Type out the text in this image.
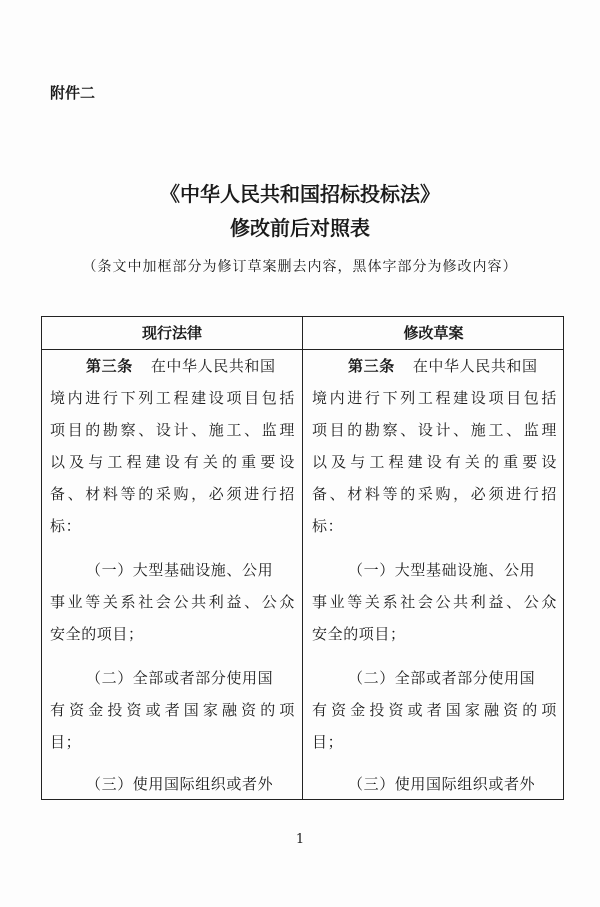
附件二
《中华人民共和国招标投标法》
修改前后对照表
（条文中加框部分为修订草案删去内容，黑体字部分为修改内容）
现行法律	修改草案
第三条 在中华人民共和国
境内进行下列工程建设项目包括
项目的勘察、设计、施工、监理
以及与工程建设有关的重要设
备、材料等的采购，必须进行招
标：
（一）大型基础设施、公用
事业等关系社会公共利益、公众
安全的项目；
（二）全部或者部分使用国
有资金投资或者国家融资的项
目；
（三）使用国际组织或者外
第三条 在中华人民共和国
境内进行下列工程建设项目包括
项目的勘察、设计、施工、监理
以及与工程建设有关的重要设
备、材料等的采购，必须进行招
标：
（一）大型基础设施、公用
事业等关系社会公共利益、公众
安全的项目；
（二）全部或者部分使用国
有资金投资或者国家融资的项
目；
（三）使用国际组织或者外
1
